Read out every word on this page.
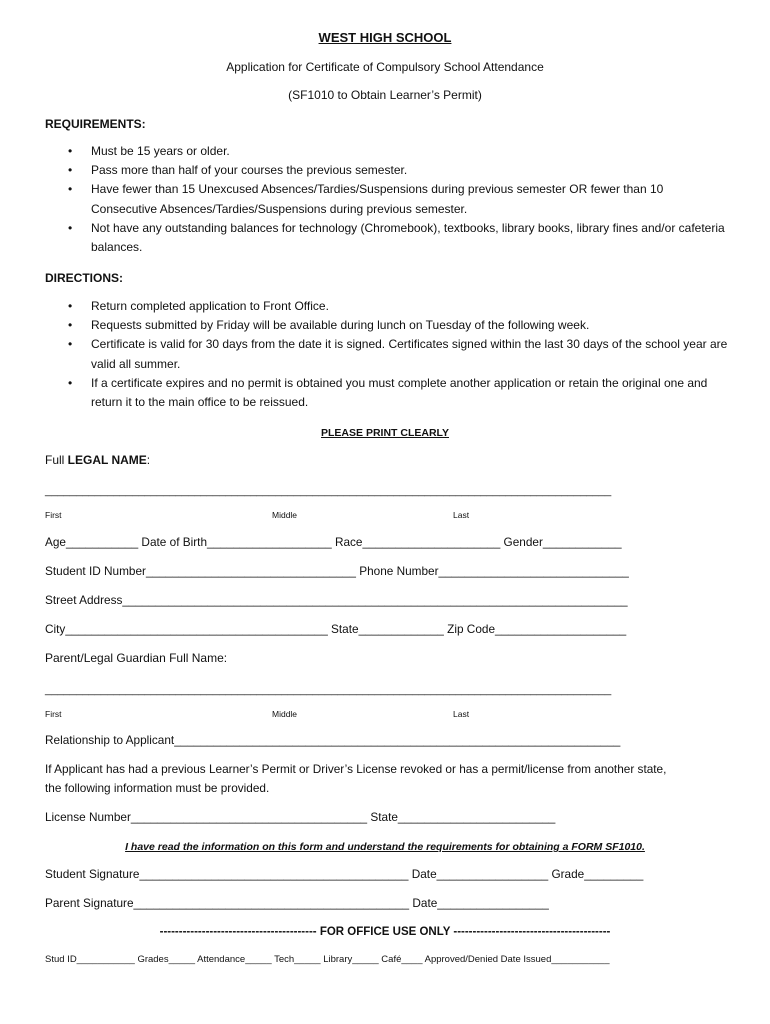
WEST HIGH SCHOOL
Application for Certificate of Compulsory School Attendance
(SF1010 to Obtain Learner’s Permit)
REQUIREMENTS:
• Must be 15 years or older.
• Pass more than half of your courses the previous semester.
• Have fewer than 15 Unexcused Absences/Tardies/Suspensions during previous semester OR fewer than 10 Consecutive Absences/Tardies/Suspensions during previous semester.
• Not have any outstanding balances for technology (Chromebook), textbooks, library books, library fines and/or cafeteria balances.
DIRECTIONS:
• Return completed application to Front Office.
• Requests submitted by Friday will be available during lunch on Tuesday of the following week.
• Certificate is valid for 30 days from the date it is signed. Certificates signed within the last 30 days of the school year are valid all summer.
• If a certificate expires and no permit is obtained you must complete another application or retain the original one and return it to the main office to be reissued.
PLEASE PRINT CLEARLY
Full LEGAL NAME:
___________________________________________________________________________________________
First	Middle	Last
Age___________ Date of Birth___________________ Race_____________________ Gender____________
Student ID Number________________________________ Phone Number_____________________________
Street Address_____________________________________________________________________________
City________________________________________ State_____________ Zip Code____________________
Parent/Legal Guardian Full Name:
___________________________________________________________________________________________
First	Middle	Last
Relationship to Applicant____________________________________________________________________
If Applicant has had a previous Learner’s Permit or Driver’s License revoked or has a permit/license from another state,
the following information must be provided.
License Number____________________________________ State________________________
I have read the information on this form and understand the requirements for obtaining a FORM SF1010.
Student Signature_________________________________________ Date_________________ Grade_________
Parent Signature__________________________________________ Date_________________
----------------------------------------- FOR OFFICE USE ONLY -----------------------------------------
Stud ID___________ Grades_____ Attendance_____ Tech_____ Library_____ Café____ Approved/Denied Date Issued___________
